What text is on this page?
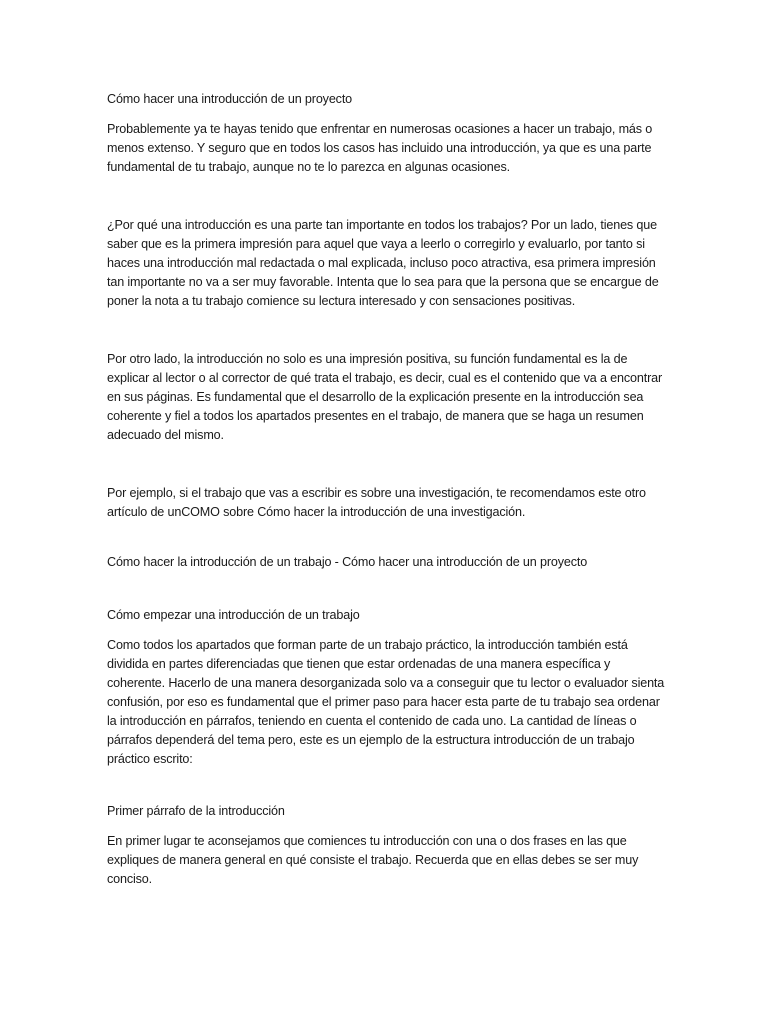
Cómo hacer una introducción de un proyecto

Probablemente ya te hayas tenido que enfrentar en numerosas ocasiones a hacer un trabajo, más o menos extenso. Y seguro que en todos los casos has incluido una introducción, ya que es una parte fundamental de tu trabajo, aunque no te lo parezca en algunas ocasiones.

¿Por qué una introducción es una parte tan importante en todos los trabajos? Por un lado, tienes que saber que es la primera impresión para aquel que vaya a leerlo o corregirlo y evaluarlo, por tanto si haces una introducción mal redactada o mal explicada, incluso poco atractiva, esa primera impresión tan importante no va a ser muy favorable. Intenta que lo sea para que la persona que se encargue de poner la nota a tu trabajo comience su lectura interesado y con sensaciones positivas.

Por otro lado, la introducción no solo es una impresión positiva, su función fundamental es la de explicar al lector o al corrector de qué trata el trabajo, es decir, cual es el contenido que va a encontrar en sus páginas. Es fundamental que el desarrollo de la explicación presente en la introducción sea coherente y fiel a todos los apartados presentes en el trabajo, de manera que se haga un resumen adecuado del mismo.

Por ejemplo, si el trabajo que vas a escribir es sobre una investigación, te recomendamos este otro artículo de unCOMO sobre Cómo hacer la introducción de una investigación.

Cómo hacer la introducción de un trabajo - Cómo hacer una introducción de un proyecto

Cómo empezar una introducción de un trabajo

Como todos los apartados que forman parte de un trabajo práctico, la introducción también está dividida en partes diferenciadas que tienen que estar ordenadas de una manera específica y coherente. Hacerlo de una manera desorganizada solo va a conseguir que tu lector o evaluador sienta confusión, por eso es fundamental que el primer paso para hacer esta parte de tu trabajo sea ordenar la introducción en párrafos, teniendo en cuenta el contenido de cada uno. La cantidad de líneas o párrafos dependerá del tema pero, este es un ejemplo de la estructura introducción de un trabajo práctico escrito:

Primer párrafo de la introducción

En primer lugar te aconsejamos que comiences tu introducción con una o dos frases en las que expliques de manera general en qué consiste el trabajo. Recuerda que en ellas debes se ser muy conciso.
